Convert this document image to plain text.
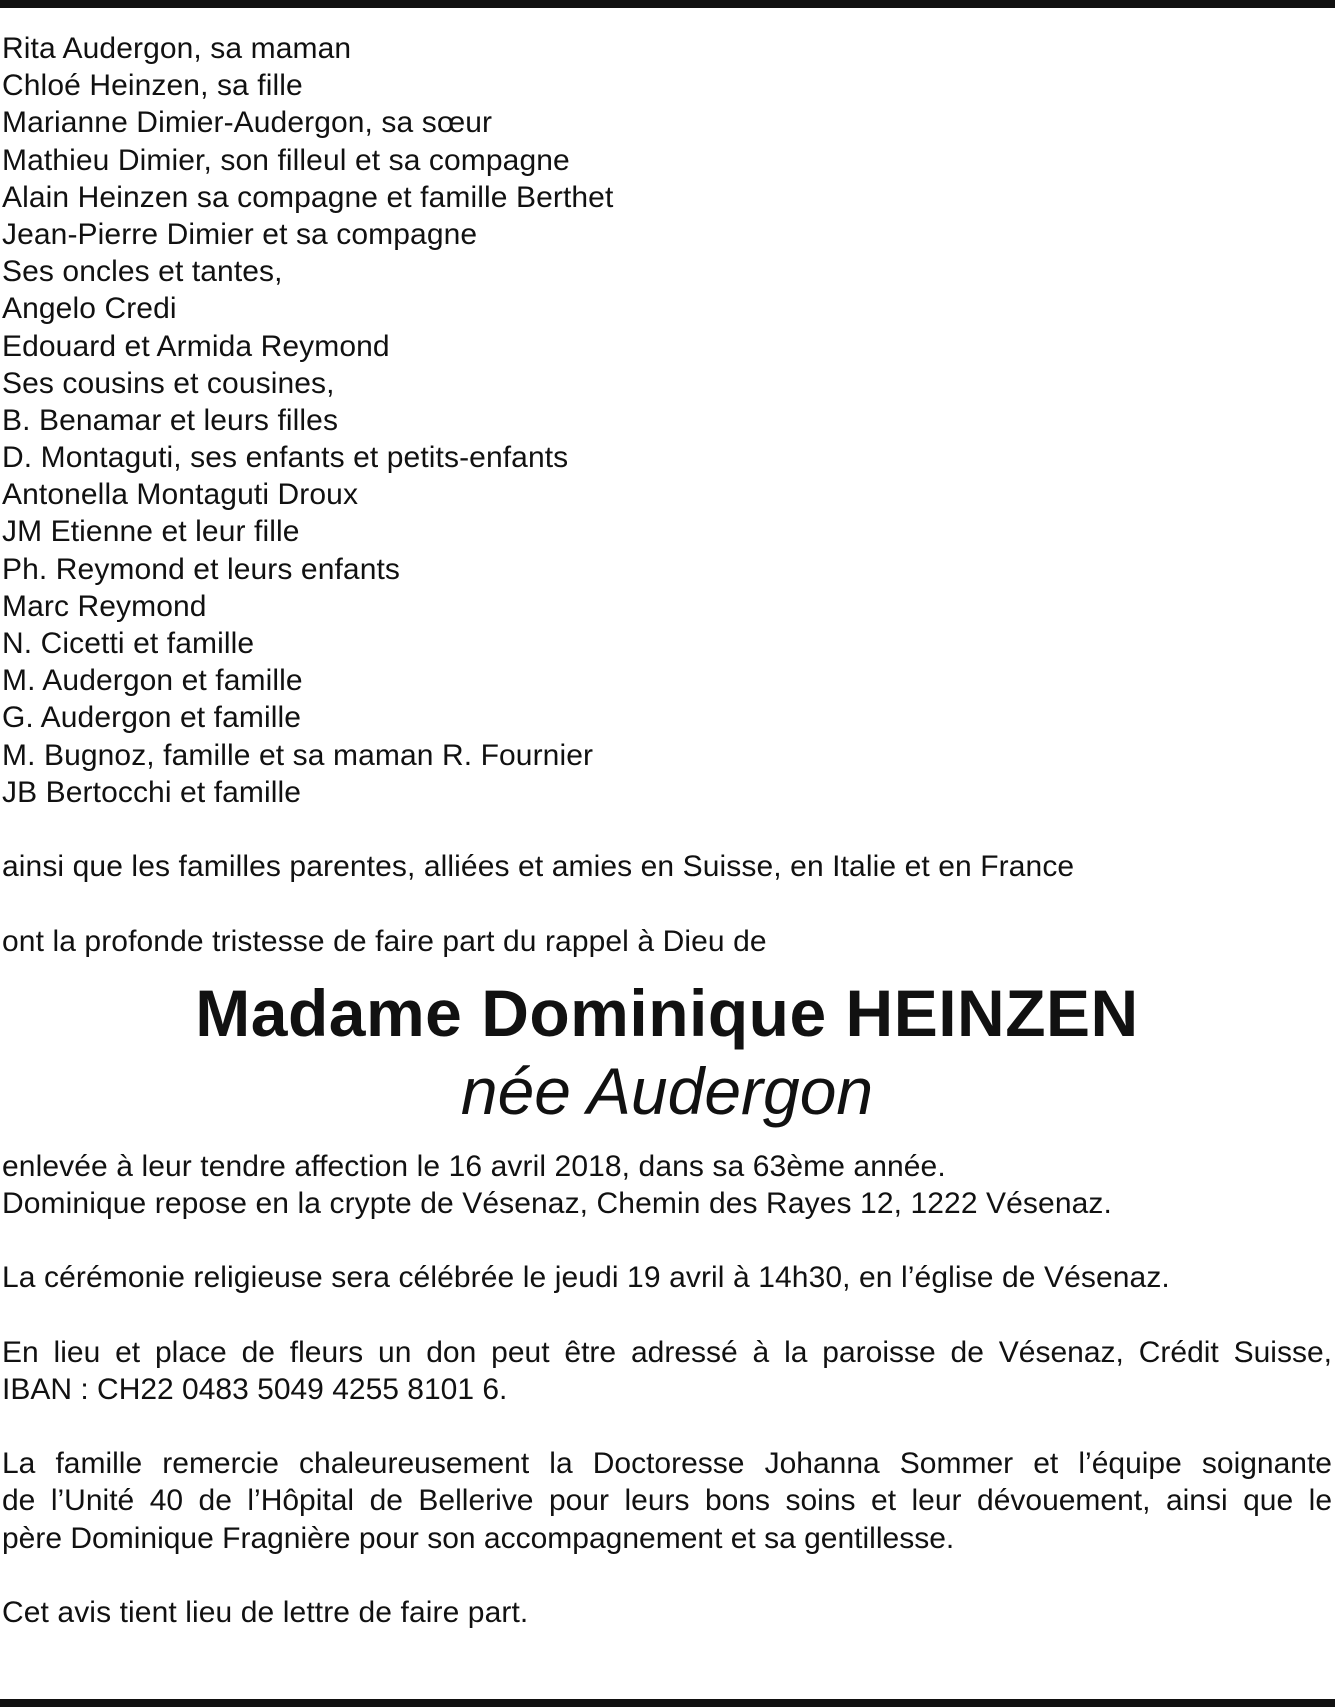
Rita Audergon, sa maman
Chloé Heinzen, sa fille
Marianne Dimier-Audergon, sa sœur
Mathieu Dimier, son filleul et sa compagne
Alain Heinzen sa compagne et famille Berthet
Jean-Pierre Dimier et sa compagne
Ses oncles et tantes,
Angelo Credi
Edouard et Armida Reymond
Ses cousins et cousines,
B. Benamar et leurs filles
D. Montaguti, ses enfants et petits-enfants
Antonella Montaguti Droux
JM Etienne et leur fille
Ph. Reymond et leurs enfants
Marc Reymond
N. Cicetti et famille
M. Audergon et famille
G. Audergon et famille
M. Bugnoz, famille et sa maman R. Fournier
JB Bertocchi et famille
ainsi que les familles parentes, alliées et amies en Suisse, en Italie et en France
ont la profonde tristesse de faire part du rappel à Dieu de
Madame Dominique HEINZEN
née Audergon
enlevée à leur tendre affection le 16 avril 2018, dans sa 63ème année.
Dominique repose en la crypte de Vésenaz, Chemin des Rayes 12, 1222 Vésenaz.
La cérémonie religieuse sera célébrée le jeudi 19 avril à 14h30, en l’église de Vésenaz.
En lieu et place de fleurs un don peut être adressé à la paroisse de Vésenaz, Crédit Suisse,
IBAN : CH22 0483 5049 4255 8101 6.
La famille remercie chaleureusement la Doctoresse Johanna Sommer et l’équipe soignante
de l’Unité 40 de l’Hôpital de Bellerive pour leurs bons soins et leur dévouement, ainsi que le
père Dominique Fragnière pour son accompagnement et sa gentillesse.
Cet avis tient lieu de lettre de faire part.
